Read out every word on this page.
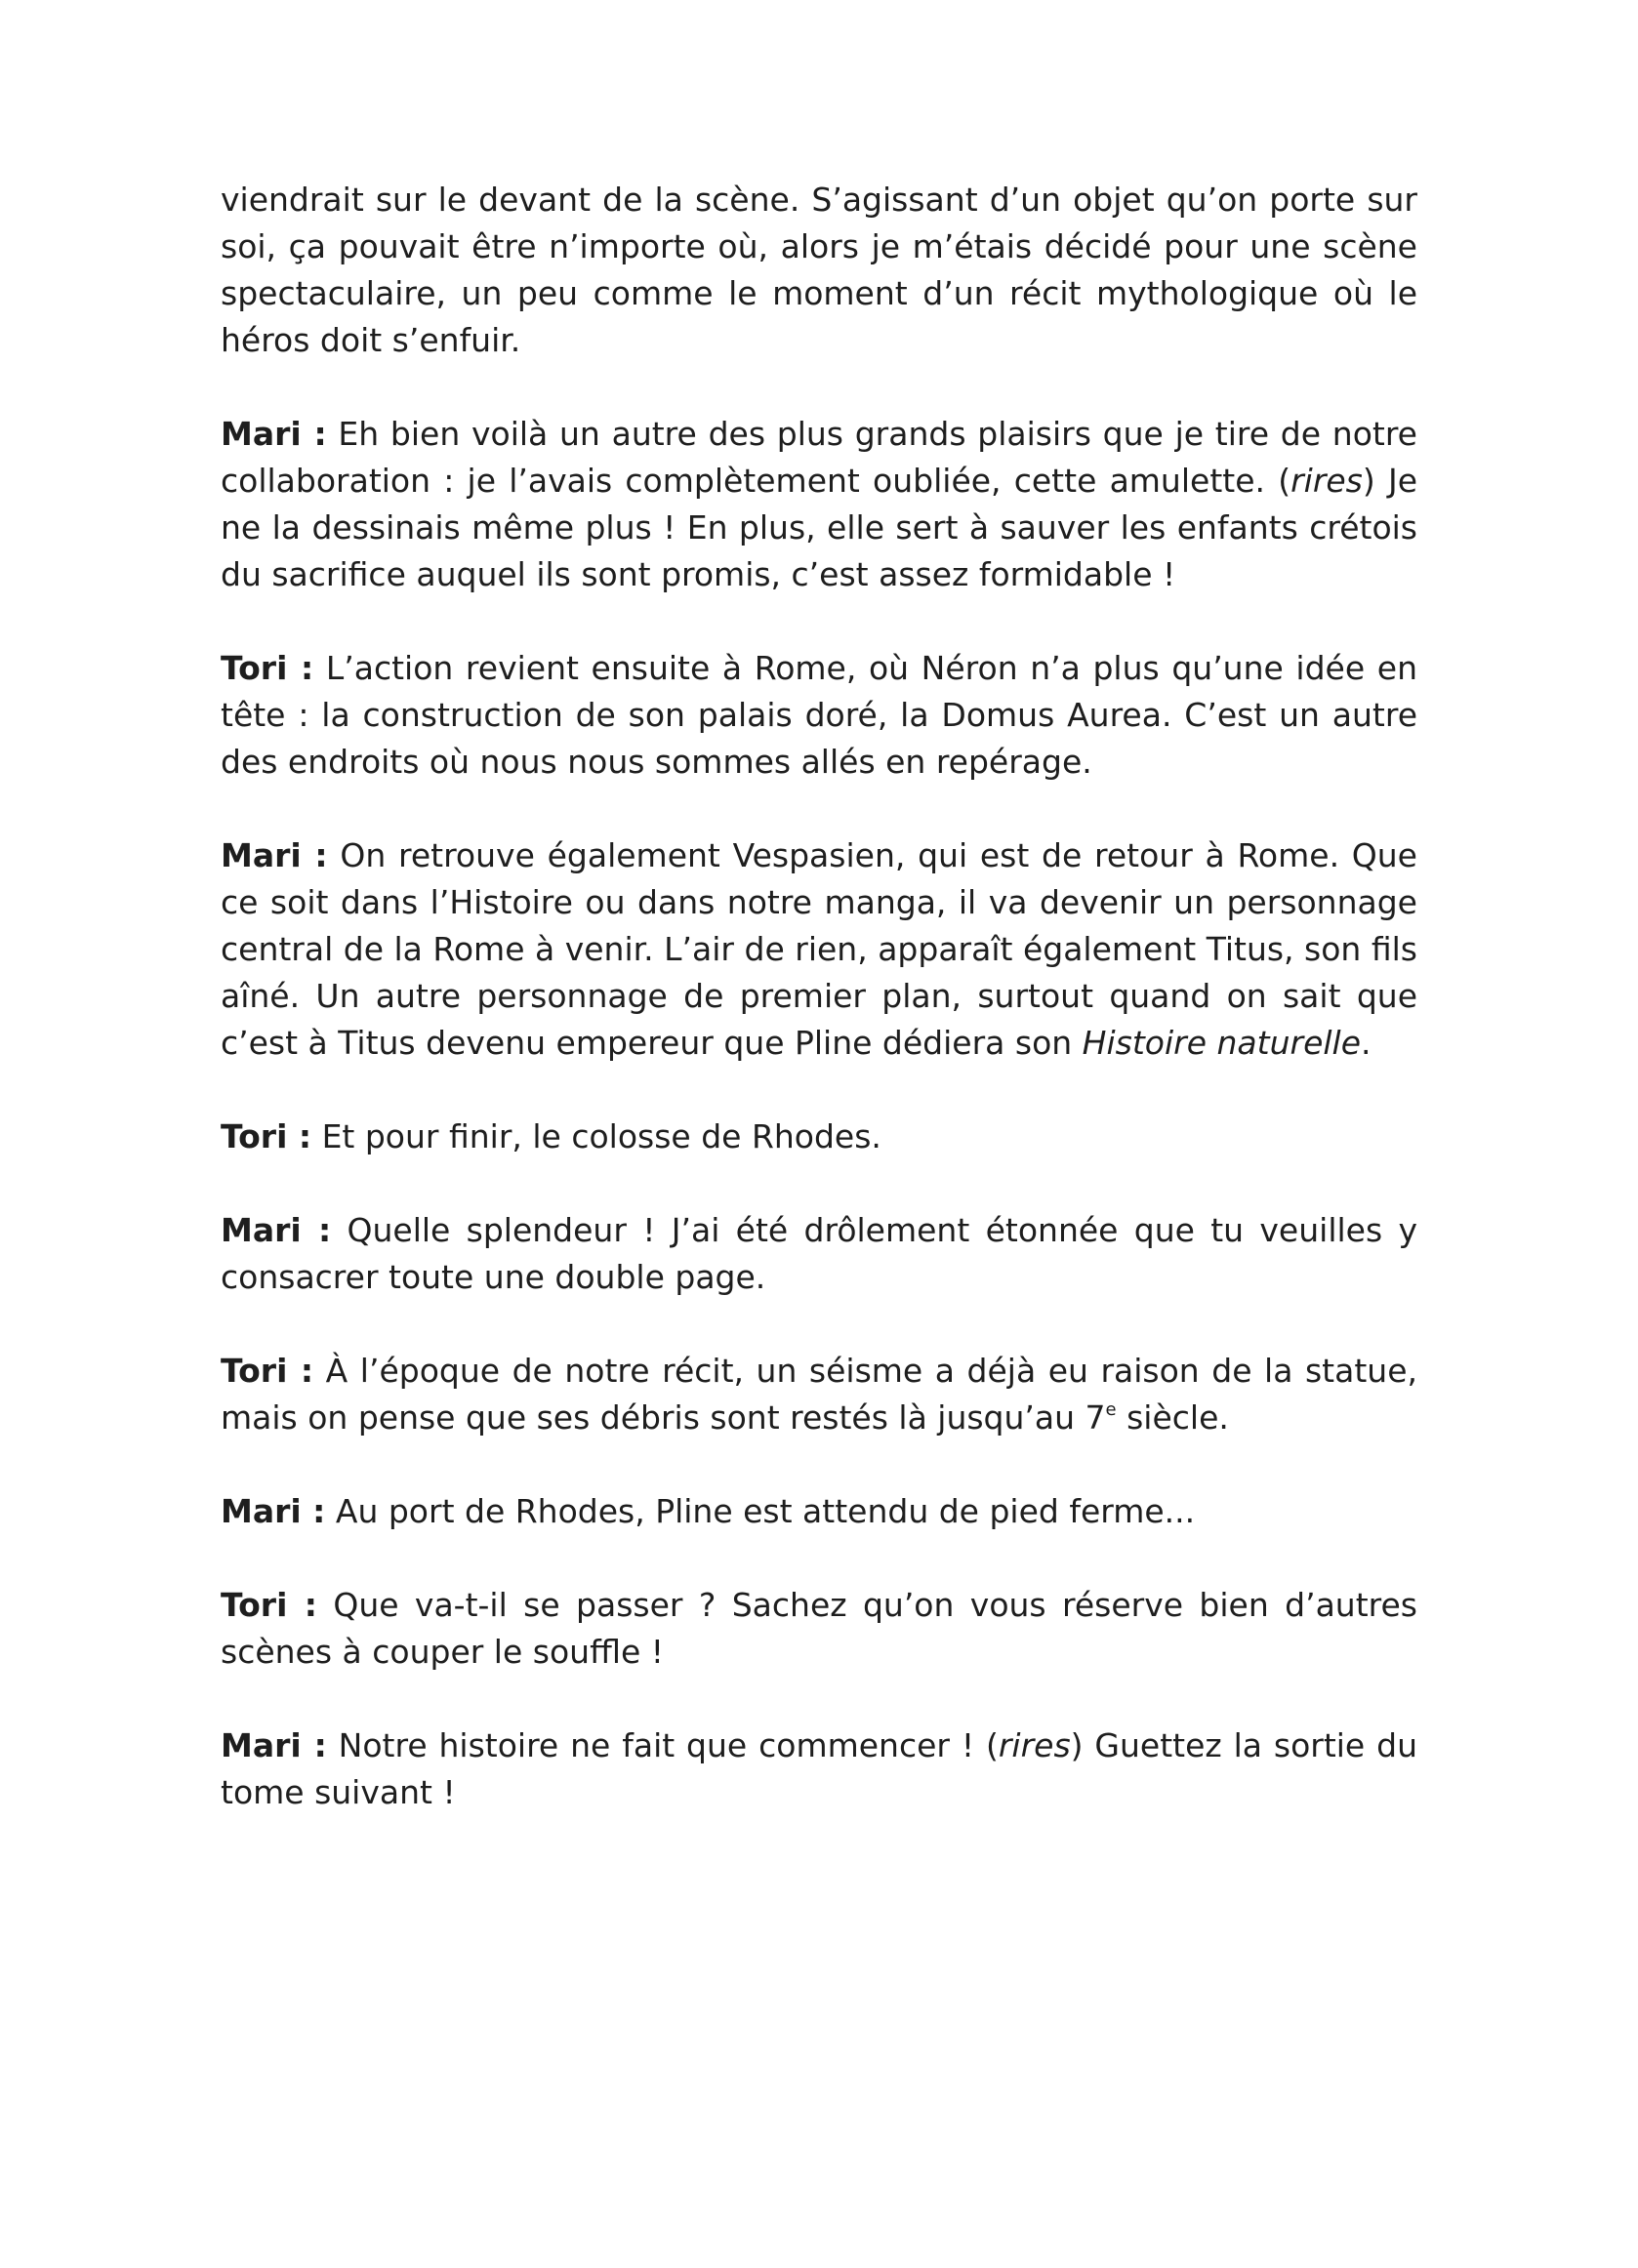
viendrait sur le devant de la scène. S’agissant d’un objet qu’on porte sur soi, ça pouvait être n’importe où, alors je m’étais décidé pour une scène spectaculaire, un peu comme le moment d’un récit mythologique où le héros doit s’enfuir.

Mari : Eh bien voilà un autre des plus grands plaisirs que je tire de notre collaboration : je l’avais complètement oubliée, cette amulette. (rires) Je ne la dessinais même plus ! En plus, elle sert à sauver les enfants crétois du sacrifice auquel ils sont promis, c’est assez formidable !

Tori : L’action revient ensuite à Rome, où Néron n’a plus qu’une idée en tête : la construction de son palais doré, la Domus Aurea. C’est un autre des endroits où nous nous sommes allés en repérage.

Mari : On retrouve également Vespasien, qui est de retour à Rome. Que ce soit dans l’Histoire ou dans notre manga, il va devenir un personnage central de la Rome à venir. L’air de rien, apparaît également Titus, son fils aîné. Un autre personnage de premier plan, surtout quand on sait que c’est à Titus devenu empereur que Pline dédiera son Histoire naturelle.

Tori : Et pour finir, le colosse de Rhodes.

Mari : Quelle splendeur ! J’ai été drôlement étonnée que tu veuilles y consacrer toute une double page.

Tori : À l’époque de notre récit, un séisme a déjà eu raison de la statue, mais on pense que ses débris sont restés là jusqu’au 7e siècle.

Mari : Au port de Rhodes, Pline est attendu de pied ferme...

Tori : Que va-t-il se passer ? Sachez qu’on vous réserve bien d’autres scènes à couper le souffle !

Mari : Notre histoire ne fait que commencer ! (rires) Guettez la sortie du tome suivant !
